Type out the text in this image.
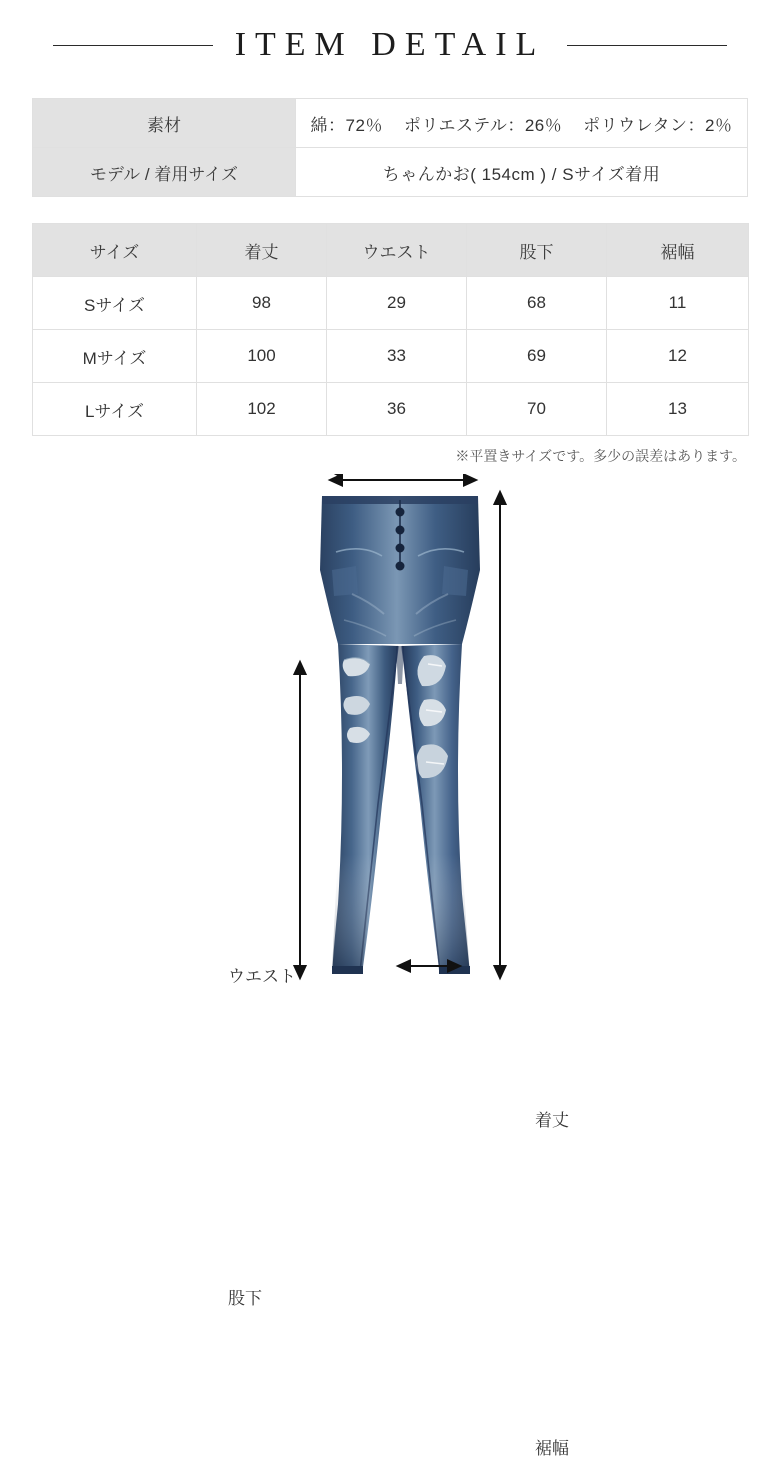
ITEM DETAIL
素材	綿：72％ ポリエステル：26％ ポリウレタン：2％
モデル / 着用サイズ	ちゃんかお( 154cm ) / Sサイズ着用
サイズ	着丈	ウエスト	股下	裾幅
Sサイズ	98	29	68	11
Mサイズ	100	33	69	12
Lサイズ	102	36	70	13
※平置きサイズです。多少の誤差はあります。
ウエスト
着丈
股下
裾幅
